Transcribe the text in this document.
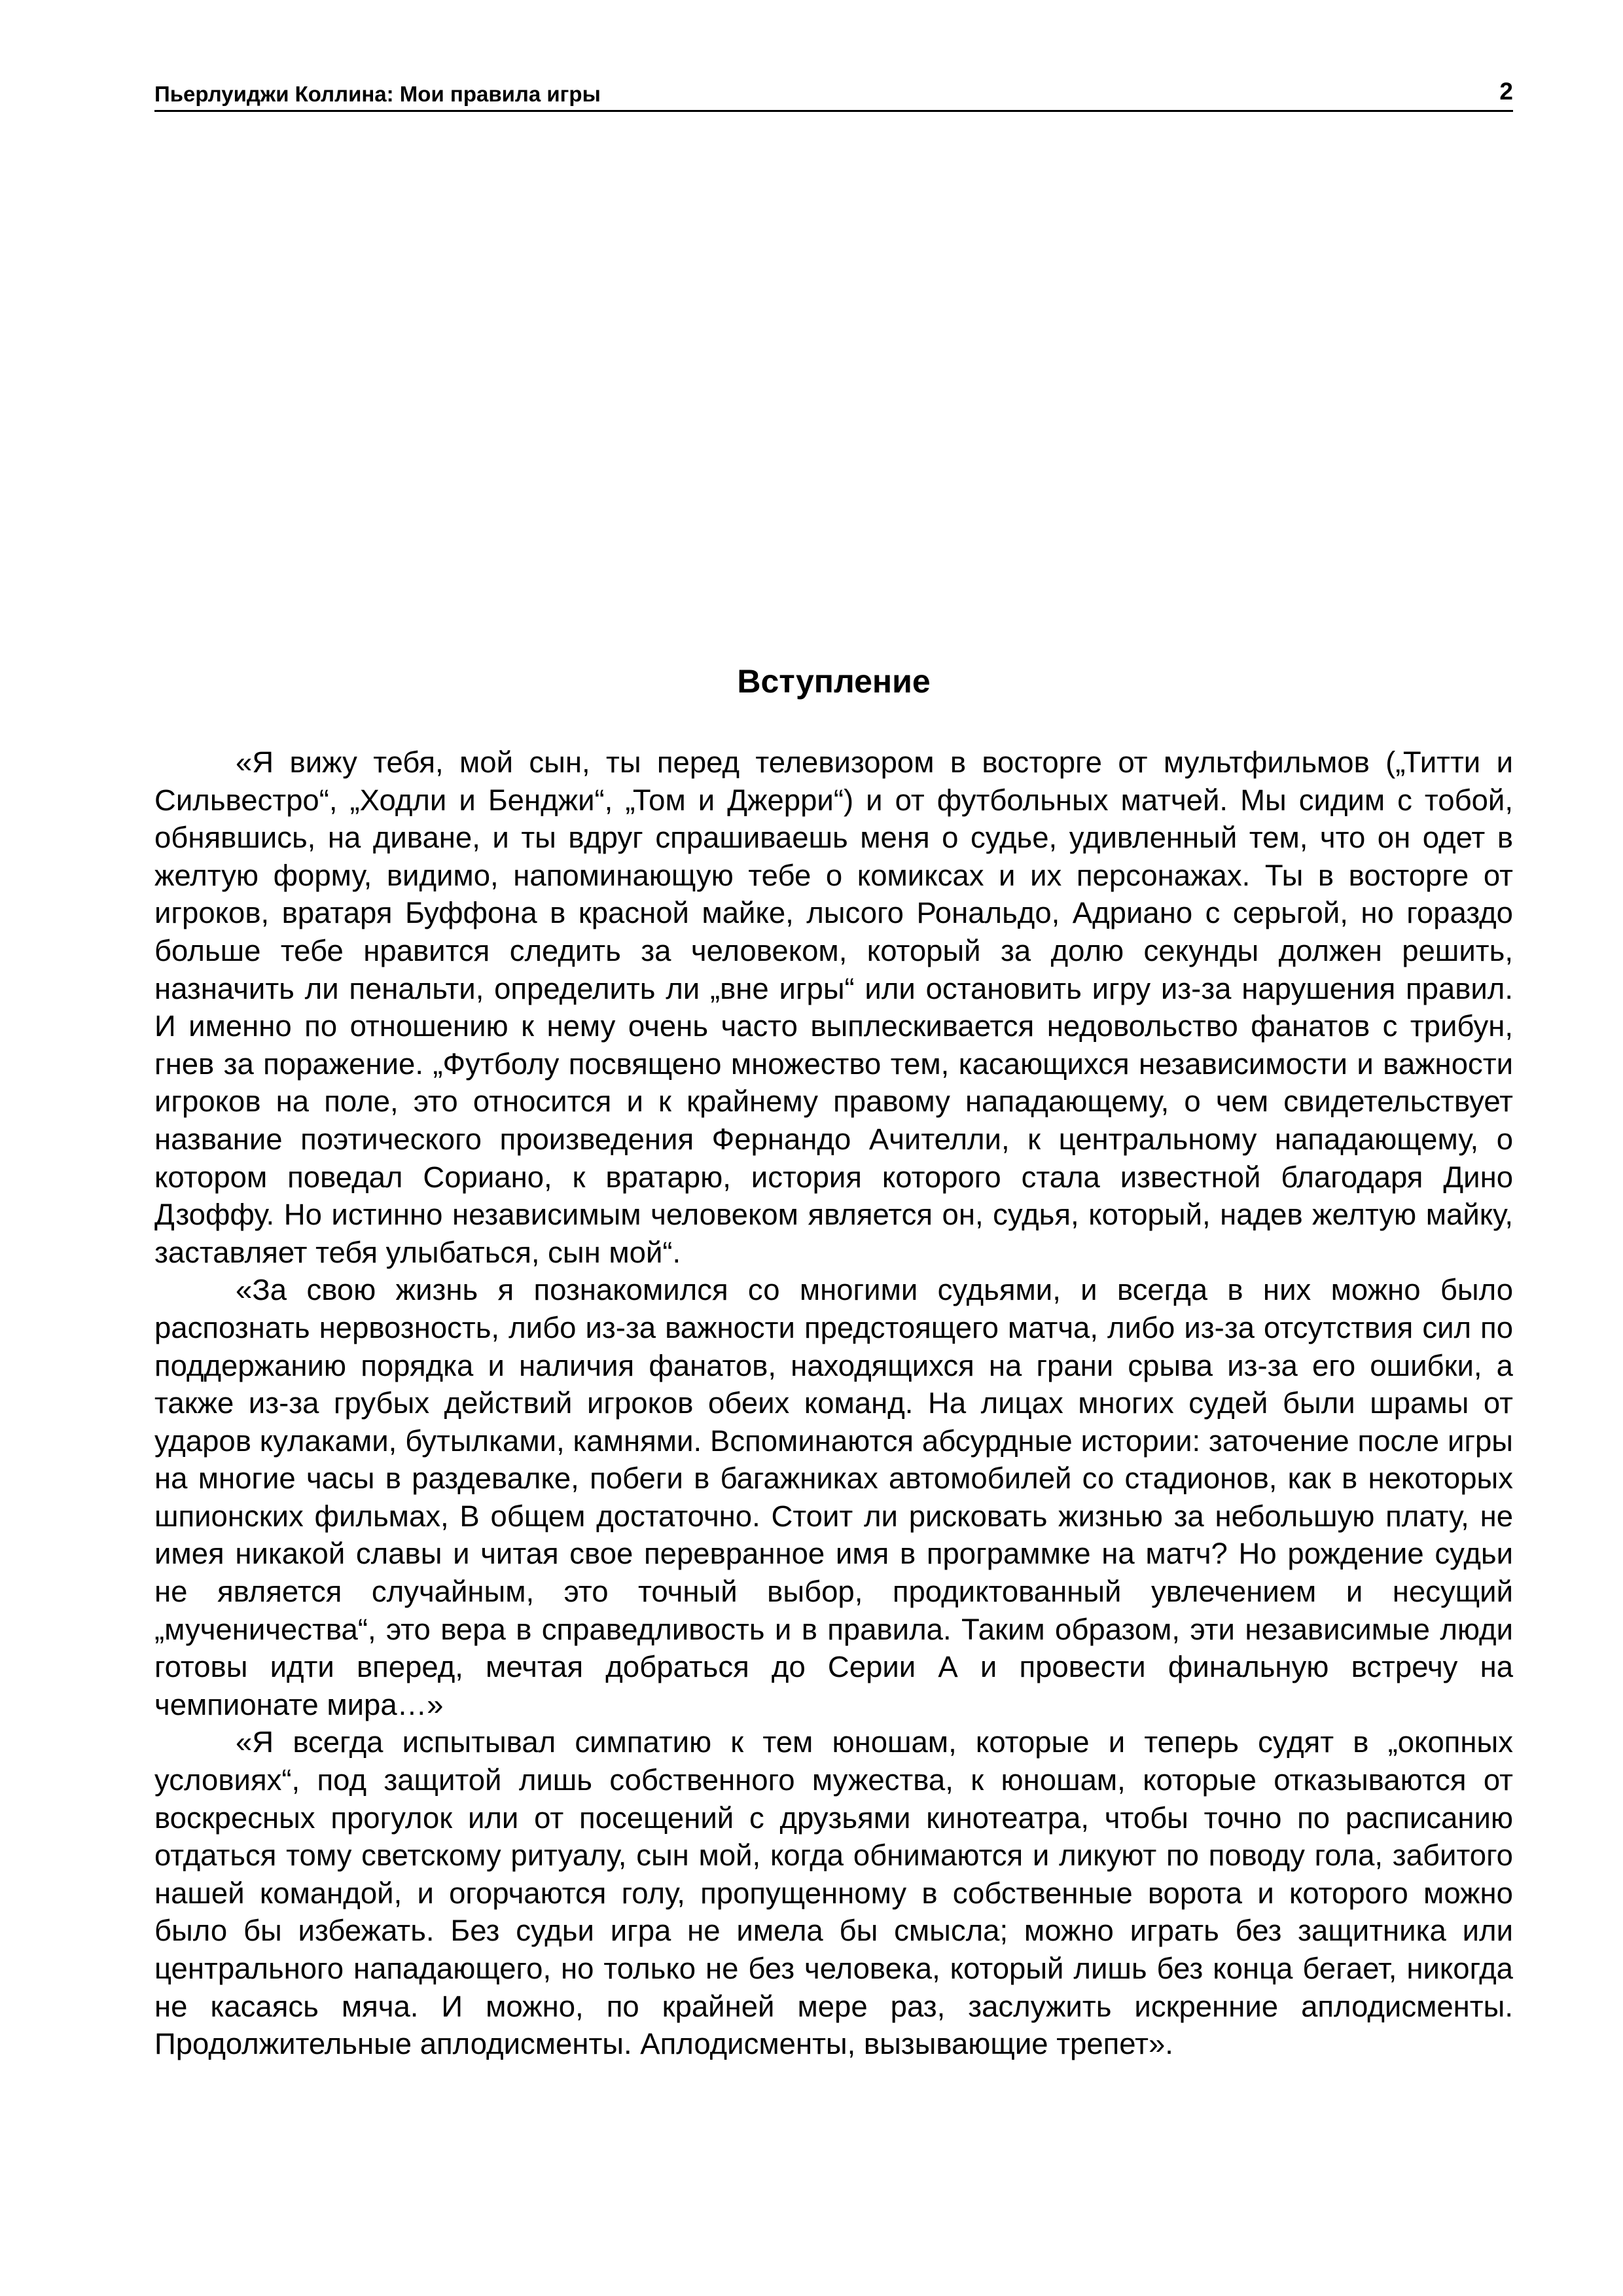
Пьерлуиджи Коллина: Мои правила игры	2
Вступление

«Я вижу тебя, мой сын, ты перед телевизором в восторге от мультфильмов („Титти и Сильвестро“, „Ходли и Бенджи“, „Том и Джерри“) и от футбольных матчей. Мы сидим с тобой, обнявшись, на диване, и ты вдруг спрашиваешь меня о судье, удивленный тем, что он одет в желтую форму, видимо, напоминающую тебе о комиксах и их персонажах. Ты в восторге от игроков, вратаря Буффона в красной майке, лысого Рональдо, Адриано с серьгой, но гораздо больше тебе нравится следить за человеком, который за долю секунды должен решить, назначить ли пенальти, определить ли „вне игры“ или остановить игру из-за нарушения правил. И именно по отношению к нему очень часто выплескивается недовольство фанатов с трибун, гнев за поражение. „Футболу посвящено множество тем, касающихся независимости и важности игроков на поле, это относится и к крайнему правому нападающему, о чем свидетельствует название поэтического произведения Фернандо Ачителли, к центральному нападающему, о котором поведал Сориано, к вратарю, история которого стала известной благодаря Дино Дзоффу. Но истинно независимым человеком является он, судья, который, надев желтую майку, заставляет тебя улыбаться, сын мой“.

«За свою жизнь я познакомился со многими судьями, и всегда в них можно было распознать нервозность, либо из-за важности предстоящего матча, либо из-за отсутствия сил по поддержанию порядка и наличия фанатов, находящихся на грани срыва из-за его ошибки, а также из-за грубых действий игроков обеих команд. На лицах многих судей были шрамы от ударов кулаками, бутылками, камнями. Вспоминаются абсурдные истории: заточение после игры на многие часы в раздевалке, побеги в багажниках автомобилей со стадионов, как в некоторых шпионских фильмах, В общем достаточно. Стоит ли рисковать жизнью за небольшую плату, не имея никакой славы и читая свое перевранное имя в программке на матч? Но рождение судьи не является случайным, это точный выбор, продиктованный увлечением и несущий „мученичества“, это вера в справедливость и в правила. Таким образом, эти независимые люди готовы идти вперед, мечтая добраться до Серии А и провести финальную встречу на чемпионате мира…»

«Я всегда испытывал симпатию к тем юношам, которые и теперь судят в „окопных условиях“, под защитой лишь собственного мужества, к юношам, которые отказываются от воскресных прогулок или от посещений с друзьями кинотеатра, чтобы точно по расписанию отдаться тому светскому ритуалу, сын мой, когда обнимаются и ликуют по поводу гола, забитого нашей командой, и огорчаются голу, пропущенному в собственные ворота и которого можно было бы избежать. Без судьи игра не имела бы смысла; можно играть без защитника или центрального нападающего, но только не без человека, который лишь без конца бегает, никогда не касаясь мяча. И можно, по крайней мере раз, заслужить искренние аплодисменты. Продолжительные аплодисменты. Аплодисменты, вызывающие трепет».
